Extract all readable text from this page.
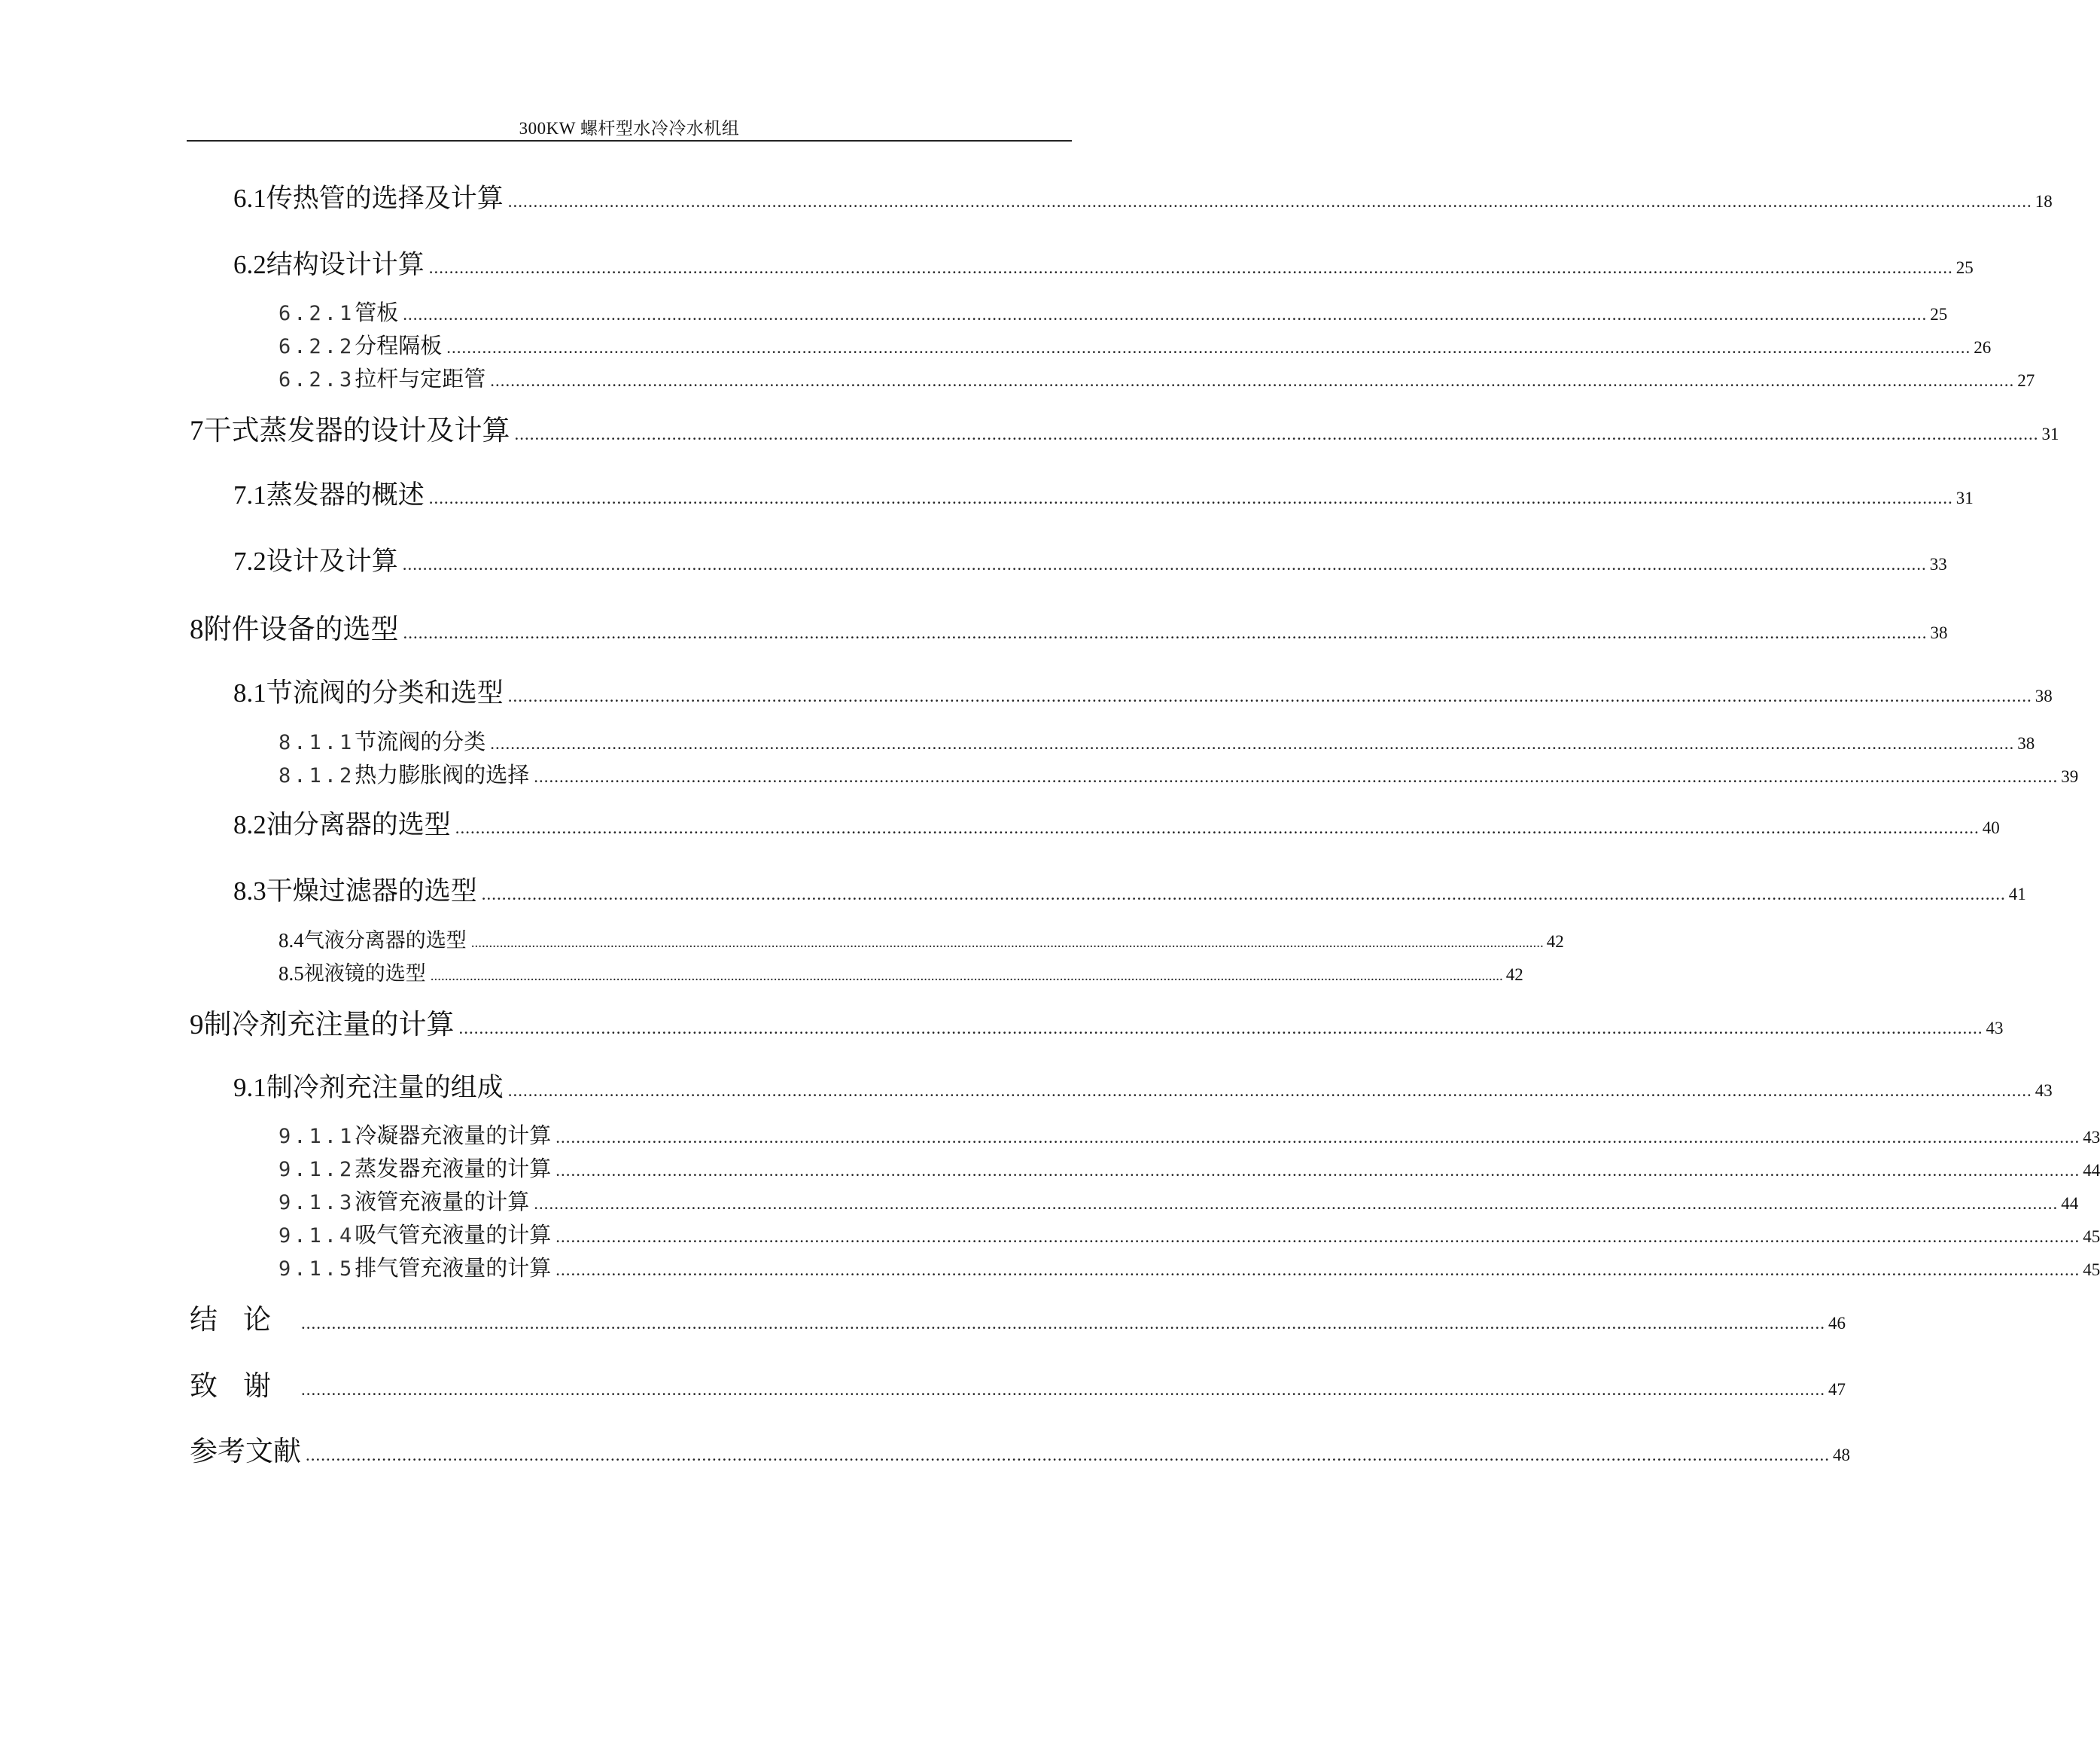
300KW 螺杆型水冷冷水机组
6.1 传热管的选择及计算 ............................................................................................................................................................................................................................................................................................................ 18
6.2 结构设计计算 ............................................................................................................................................................................................................................................................................................................ 25
6.2.1 管板 ............................................................................................................................................................................................................................................................................................................ 25
6.2.2 分程隔板 ............................................................................................................................................................................................................................................................................................................ 26
6.2.3 拉杆与定距管 ............................................................................................................................................................................................................................................................................................................ 27
7 干式蒸发器的设计及计算 ............................................................................................................................................................................................................................................................................................................ 31
7.1 蒸发器的概述 ............................................................................................................................................................................................................................................................................................................ 31
7.2 设计及计算 ............................................................................................................................................................................................................................................................................................................ 33
8 附件设备的选型 ............................................................................................................................................................................................................................................................................................................ 38
8.1 节流阀的分类和选型 ............................................................................................................................................................................................................................................................................................................ 38
8.1.1 节流阀的分类 ............................................................................................................................................................................................................................................................................................................ 38
8.1.2 热力膨胀阀的选择 ............................................................................................................................................................................................................................................................................................................ 39
8.2 油分离器的选型 ............................................................................................................................................................................................................................................................................................................ 40
8.3 干燥过滤器的选型 ............................................................................................................................................................................................................................................................................................................ 41
8.4 气液分离器的选型 ............................................................................................................................................................................................................................................................................................................ 42
8.5 视液镜的选型 ............................................................................................................................................................................................................................................................................................................ 42
9 制冷剂充注量的计算 ............................................................................................................................................................................................................................................................................................................ 43
9.1 制冷剂充注量的组成 ............................................................................................................................................................................................................................................................................................................ 43
9.1.1 冷凝器充液量的计算 ............................................................................................................................................................................................................................................................................................................ 43
9.1.2 蒸发器充液量的计算 ............................................................................................................................................................................................................................................................................................................ 44
9.1.3 液管充液量的计算 ............................................................................................................................................................................................................................................................................................................ 44
9.1.4 吸气管充液量的计算 ............................................................................................................................................................................................................................................................................................................ 45
9.1.5 排气管充液量的计算 ............................................................................................................................................................................................................................................................................................................ 45
结论 ............................................................................................................................................................................................................................................................................................................ 46
致谢 ............................................................................................................................................................................................................................................................................................................ 47
参考文献 ............................................................................................................................................................................................................................................................................................................ 48
